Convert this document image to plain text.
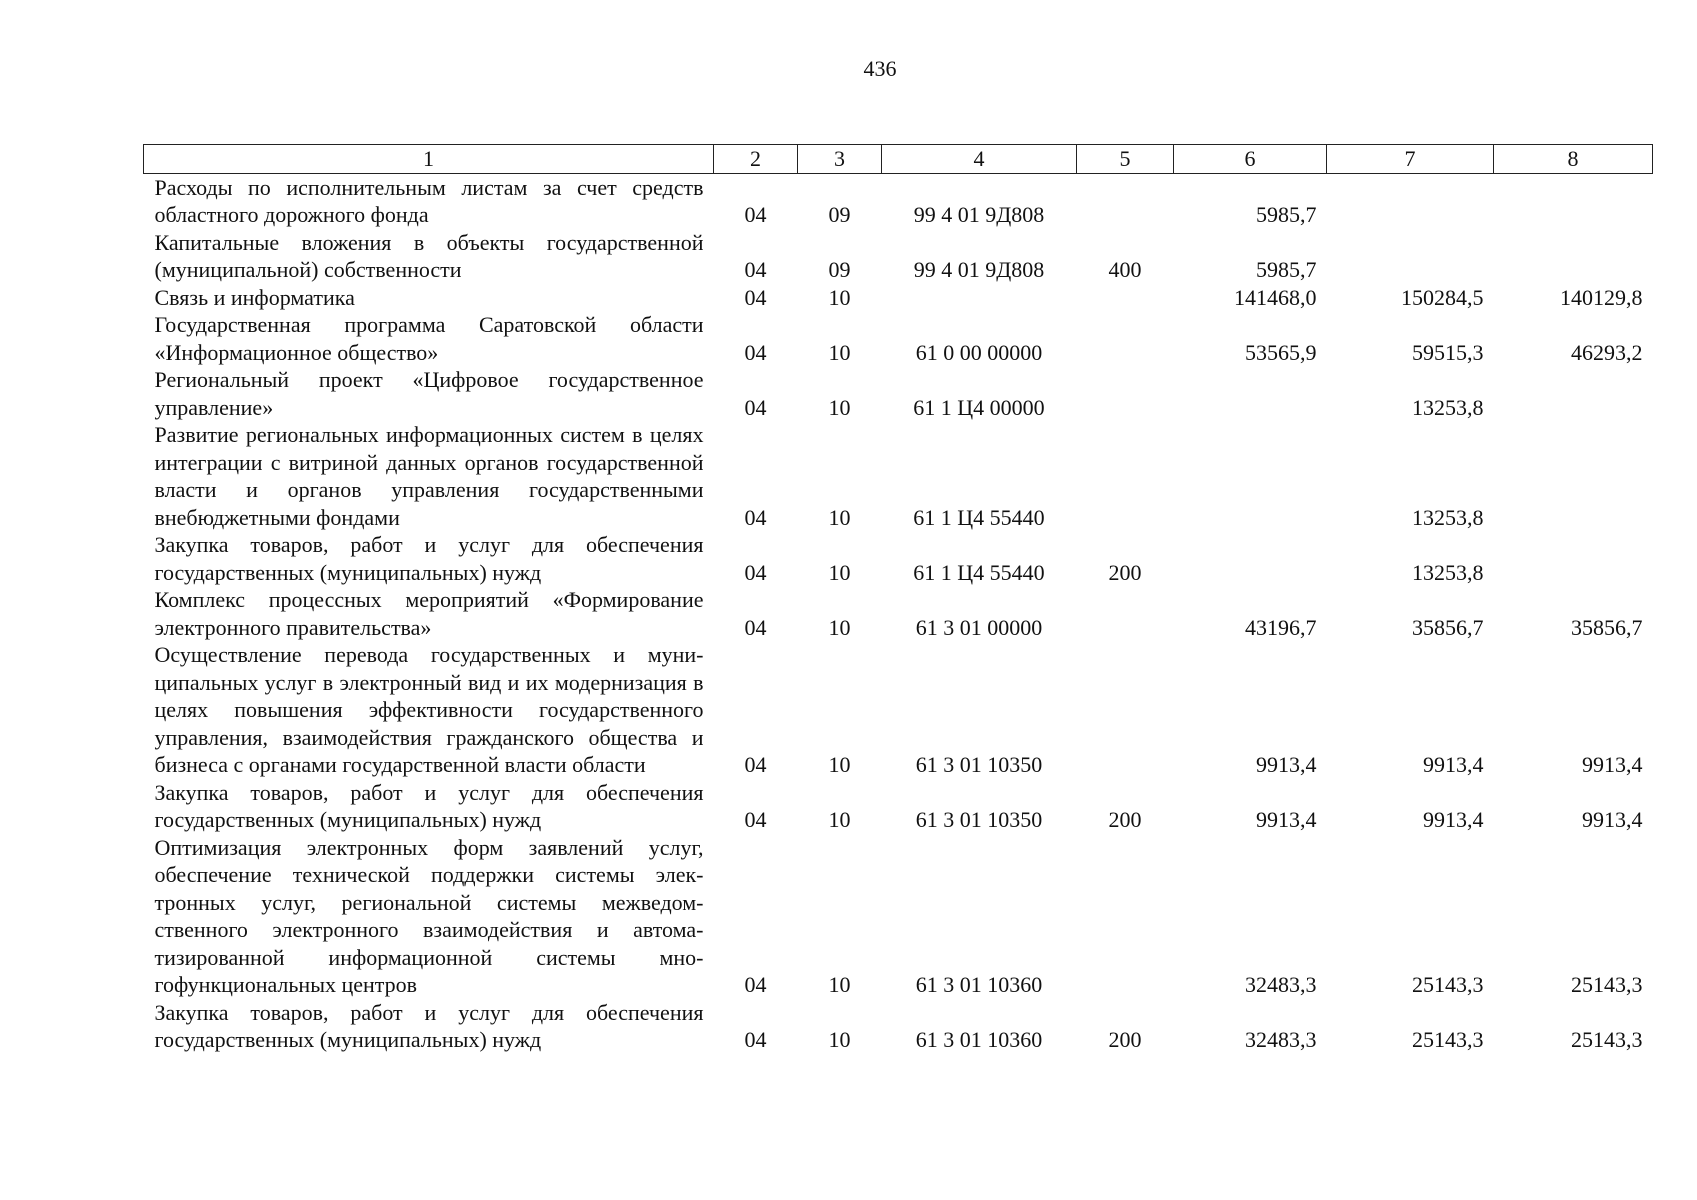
436
1	2	3	4	5	6	7	8
Расходы по исполнительным листам за счет средств областного дорожного фонда	04	09	99 4 01 9Д808		5985,7		
Капитальные вложения в объекты государственной (муниципальной) собственности	04	09	99 4 01 9Д808	400	5985,7		
Связь и информатика	04	10			141468,0	150284,5	140129,8
Государственная программа Саратовской области «Информационное общество»	04	10	61 0 00 00000		53565,9	59515,3	46293,2
Региональный проект «Цифровое государственное управление»	04	10	61 1 Ц4 00000			13253,8	
Развитие региональных информационных систем в целях интеграции с витриной данных органов государственной власти и органов управления государственными внебюджетными фондами	04	10	61 1 Ц4 55440			13253,8	
Закупка товаров, работ и услуг для обеспечения государственных (муниципальных) нужд	04	10	61 1 Ц4 55440	200		13253,8	
Комплекс процессных мероприятий «Формирование электронного правительства»	04	10	61 3 01 00000		43196,7	35856,7	35856,7
Осуществление перевода государственных и муниципальных услуг в электронный вид и их модернизация в целях повышения эффективности государственного управления, взаимодействия гражданского общества и бизнеса с органами государственной власти области	04	10	61 3 01 10350		9913,4	9913,4	9913,4
Закупка товаров, работ и услуг для обеспечения государственных (муниципальных) нужд	04	10	61 3 01 10350	200	9913,4	9913,4	9913,4
Оптимизация электронных форм заявлений услуг, обеспечение технической поддержки системы электронных услуг, региональной системы межведомственного электронного взаимодействия и автоматизированной информационной системы многофункциональных центров	04	10	61 3 01 10360		32483,3	25143,3	25143,3
Закупка товаров, работ и услуг для обеспечения государственных (муниципальных) нужд	04	10	61 3 01 10360	200	32483,3	25143,3	25143,3
